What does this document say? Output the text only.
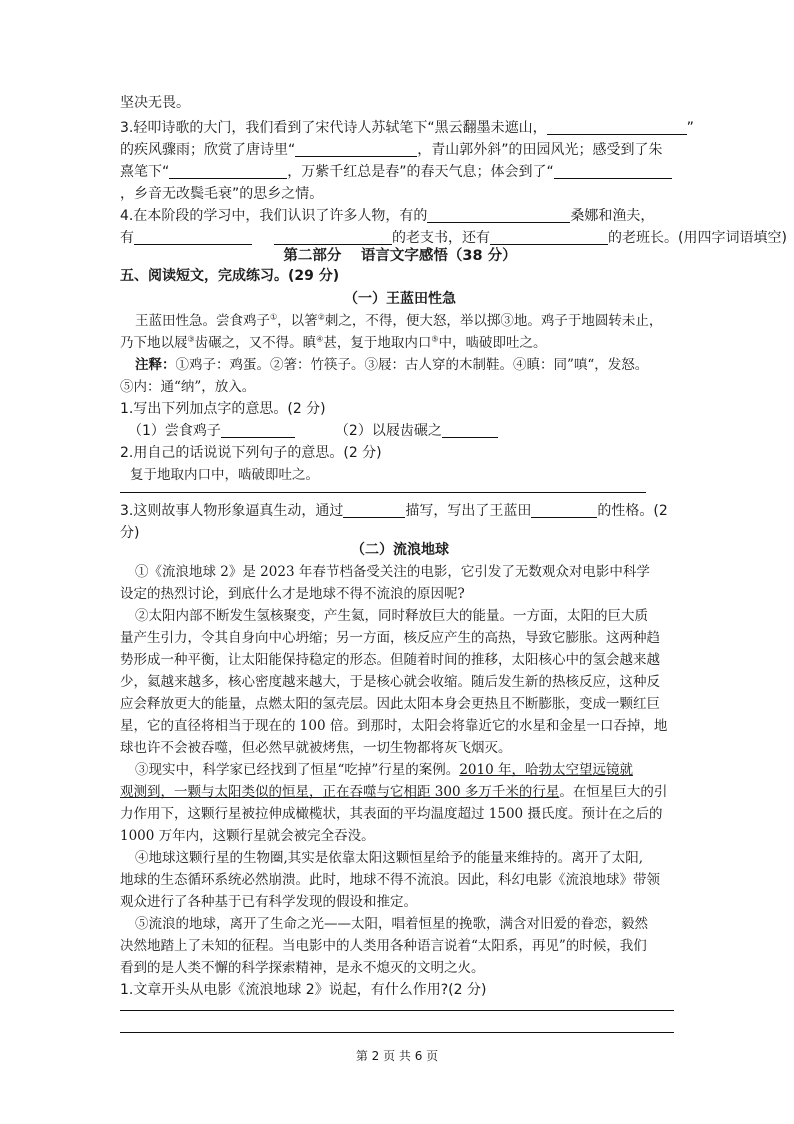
坚决无畏。
3.轻叩诗歌的大门，我们看到了宋代诗人苏轼笔下“黑云翻墨未遮山，	”
的疾风骤雨；欣赏了唐诗里“	，青山郭外斜”的田园风光；感受到了朱
熹笔下“	，万紫千红总是春”的春天气息；体会到了“
，乡音无改鬓毛衰”的思乡之情。
4.在本阶段的学习中，我们认识了许多人物，有的	桑娜和渔夫，
有	的老支书，还有	的老班长。(用四字词语填空)
第二部分　 语言文字感悟（38 分）
五、阅读短文，完成练习。(29 分)
（一）王蓝田性急
王蓝田性急。尝食鸡子①，以箸②刺之，不得，便大怒，举以掷③地。鸡子于地圆转未止，
乃下地以屐③齿碾之，又不得。瞋④甚，复于地取内口⑤中，啮破即吐之。
注释：①鸡子：鸡蛋。②箸：竹筷子。③屐：古人穿的木制鞋。④瞋：同”嗔“，发怒。
⑤内：通“纳”，放入。
1.写出下列加点字的意思。(2 分)
（1）尝食鸡子	（2）以屐齿碾之
2.用自己的话说说下列句子的意思。(2 分)
复于地取内口中，啮破即吐之。
3.这则故事人物形象逼真生动，通过	描写，写出了王蓝田	的性格。(2
分)
（二）流浪地球
①《流浪地球 2》是 2023 年春节档备受关注的电影，它引发了无数观众对电影中科学
设定的热烈讨论，到底什么才是地球不得不流浪的原因呢?
②太阳内部不断发生氢核聚变，产生氦，同时释放巨大的能量。一方面，太阳的巨大质
量产生引力，令其自身向中心坍缩；另一方面，核反应产生的高热，导致它膨胀。这两种趋
势形成一种平衡，让太阳能保持稳定的形态。但随着时间的推移，太阳核心中的氢会越来越
少，氦越来越多，核心密度越来越大，于是核心就会收缩。随后发生新的热核反应，这种反
应会释放更大的能量，点燃太阳的氢壳层。因此太阳本身会更热且不断膨胀，变成一颗红巨
星，它的直径将相当于现在的 100 倍。到那时，太阳会将靠近它的水星和金星一口吞掉，地
球也许不会被吞噬，但必然早就被烤焦，一切生物都将灰飞烟灭。
③现实中，科学家已经找到了恒星“吃掉”行星的案例。2010 年，哈勃太空望远镜就
观测到，一颗与太阳类似的恒星，正在吞噬与它相距 300 多万千米的行星。在恒星巨大的引
力作用下，这颗行星被拉伸成橄榄状，其表面的平均温度超过 1500 摄氏度。预计在之后的
1000 万年内，这颗行星就会被完全吞没。
④地球这颗行星的生物圈,其实是依靠太阳这颗恒星给予的能量来维持的。离开了太阳,
地球的生态循环系统必然崩溃。此时，地球不得不流浪。因此，科幻电影《流浪地球》带领
观众进行了各种基于已有科学发现的假设和推定。
⑤流浪的地球，离开了生命之光——太阳，唱着恒星的挽歌，满含对旧爱的眷恋，毅然
决然地踏上了未知的征程。当电影中的人类用各种语言说着“太阳系，再见”的时候，我们
看到的是人类不懈的科学探索精神，是永不熄灭的文明之火。
1.文章开头从电影《流浪地球 2》说起，有什么作用?(2 分)
第 2 页 共 6 页
